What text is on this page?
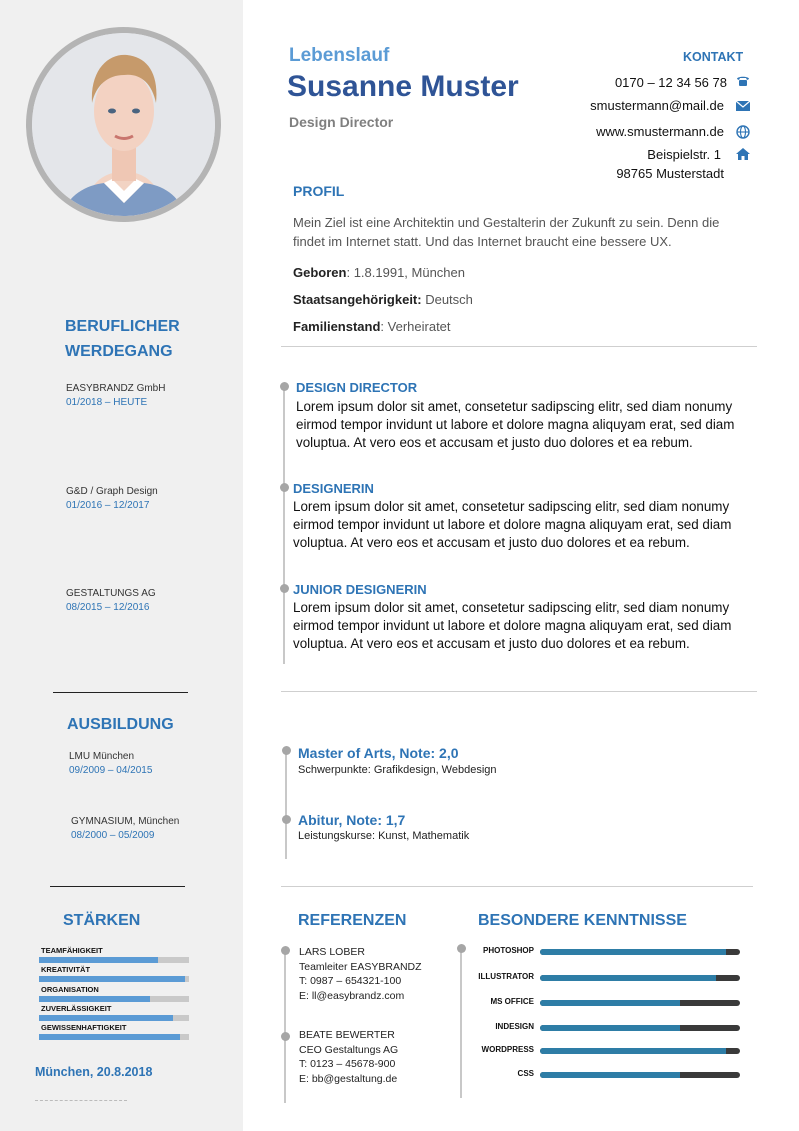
Lebenslauf
Susanne Muster
Design Director
KONTAKT
0170 – 12 34 56 78
smustermann@mail.de
www.smustermann.de
Beispielstr. 1
98765 Musterstadt
PROFIL
Mein Ziel ist eine Architektin und Gestalterin der Zukunft zu sein. Denn die findet im Internet statt. Und das Internet braucht eine bessere UX.
Geboren: 1.8.1991, München
Staatsangehörigkeit: Deutsch
Familienstand: Verheiratet
BERUFLICHER
WERDEGANG
EASYBRANDZ GmbH
01/2018 – HEUTE
G&D / Graph Design
01/2016 – 12/2017
GESTALTUNGS AG
08/2015 – 12/2016
DESIGN DIRECTOR
Lorem ipsum dolor sit amet, consetetur sadipscing elitr, sed diam nonumy eirmod tempor invidunt ut labore et dolore magna aliquyam erat, sed diam voluptua. At vero eos et accusam et justo duo dolores et ea rebum.
DESIGNERIN
Lorem ipsum dolor sit amet, consetetur sadipscing elitr, sed diam nonumy eirmod tempor invidunt ut labore et dolore magna aliquyam erat, sed diam voluptua. At vero eos et accusam et justo duo dolores et ea rebum.
JUNIOR DESIGNERIN
Lorem ipsum dolor sit amet, consetetur sadipscing elitr, sed diam nonumy eirmod tempor invidunt ut labore et dolore magna aliquyam erat, sed diam voluptua. At vero eos et accusam et justo duo dolores et ea rebum.
AUSBILDUNG
LMU München
09/2009 – 04/2015
GYMNASIUM, München
08/2000 – 05/2009
Master of Arts, Note: 2,0
Schwerpunkte: Grafikdesign, Webdesign
Abitur, Note: 1,7
Leistungskurse: Kunst, Mathematik
STÄRKEN
TEAMFÄHIGKEIT
KREATIVITÄT
ORGANISATION
ZUVERLÄSSIGKEIT
GEWISSENHAFTIGKEIT
München, 20.8.2018
REFERENZEN
LARS LOBER
Teamleiter EASYBRANDZ
T: 0987 – 654321-100
E: ll@easybrandz.com
BEATE BEWERTER
CEO Gestaltungs AG
T: 0123 – 45678-900
E: bb@gestaltung.de
BESONDERE KENNTNISSE
PHOTOSHOP
ILLUSTRATOR
MS OFFICE
INDESIGN
WORDPRESS
CSS
